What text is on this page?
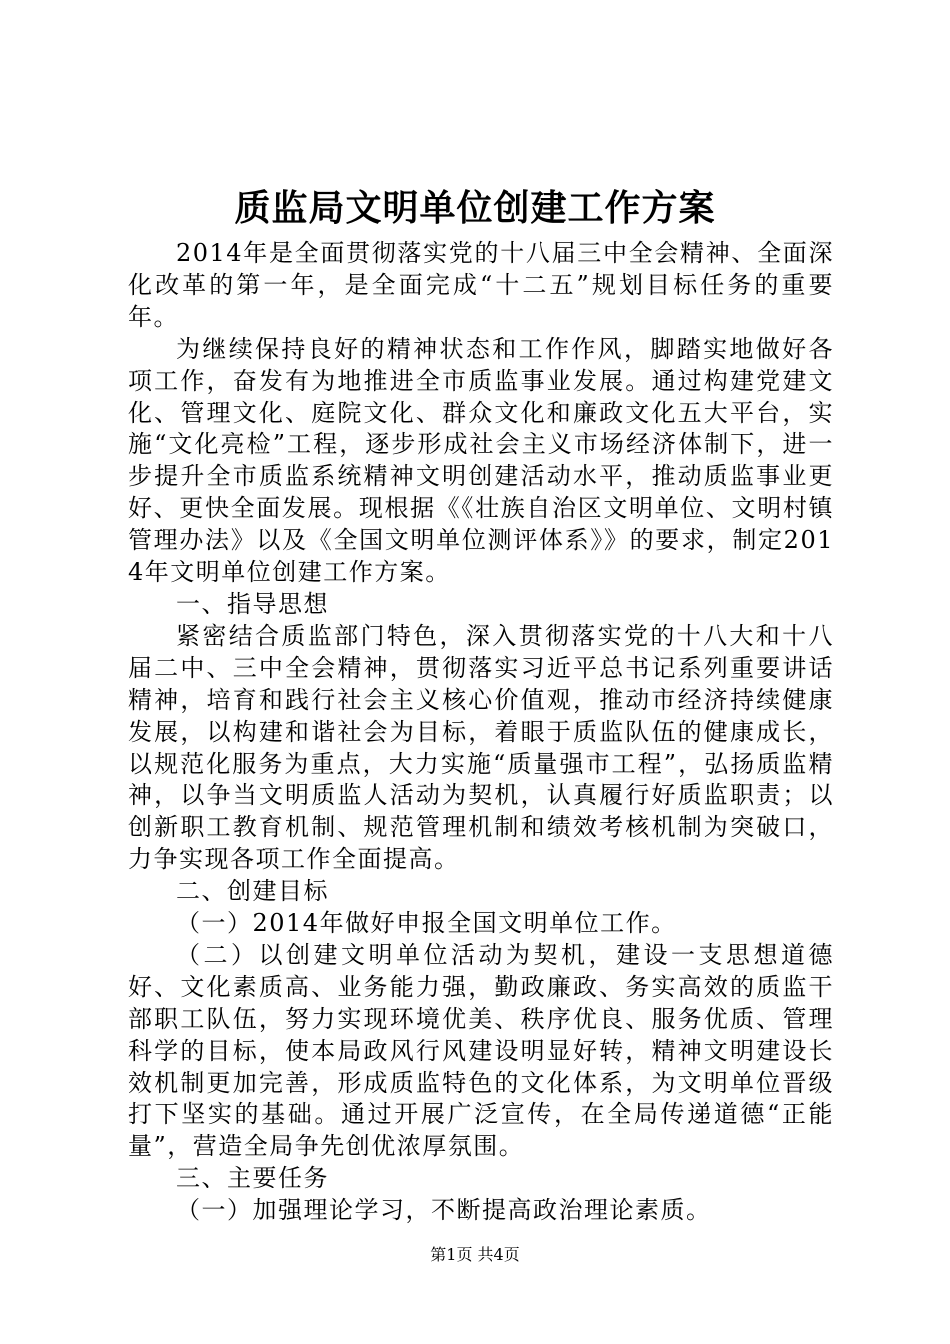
质监局文明单位创建工作方案

2014年是全面贯彻落实党的十八届三中全会精神、全面深化改革的第一年，是全面完成“十二五”规划目标任务的重要年。

为继续保持良好的精神状态和工作作风，脚踏实地做好各项工作，奋发有为地推进全市质监事业发展。通过构建党建文化、管理文化、庭院文化、群众文化和廉政文化五大平台，实施“文化亮检”工程，逐步形成社会主义市场经济体制下，进一步提升全市质监系统精神文明创建活动水平，推动质监事业更好、更快全面发展。现根据《《壮族自治区文明单位、文明村镇管理办法》以及《全国文明单位测评体系》》的要求，制定2014年文明单位创建工作方案。

一、指导思想

紧密结合质监部门特色，深入贯彻落实党的十八大和十八届二中、三中全会精神，贯彻落实习近平总书记系列重要讲话精神，培育和践行社会主义核心价值观，推动市经济持续健康发展，以构建和谐社会为目标，着眼于质监队伍的健康成长，以规范化服务为重点，大力实施“质量强市工程”，弘扬质监精神，以争当文明质监人活动为契机，认真履行好质监职责；以创新职工教育机制、规范管理机制和绩效考核机制为突破口，力争实现各项工作全面提高。

二、创建目标

（一）2014年做好申报全国文明单位工作。

（二）以创建文明单位活动为契机，建设一支思想道德好、文化素质高、业务能力强，勤政廉政、务实高效的质监干部职工队伍，努力实现环境优美、秩序优良、服务优质、管理科学的目标，使本局政风行风建设明显好转，精神文明建设长效机制更加完善，形成质监特色的文化体系，为文明单位晋级打下坚实的基础。通过开展广泛宣传，在全局传递道德“正能量”，营造全局争先创优浓厚氛围。

三、主要任务

（一）加强理论学习，不断提高政治理论素质。

第1页 共4页
